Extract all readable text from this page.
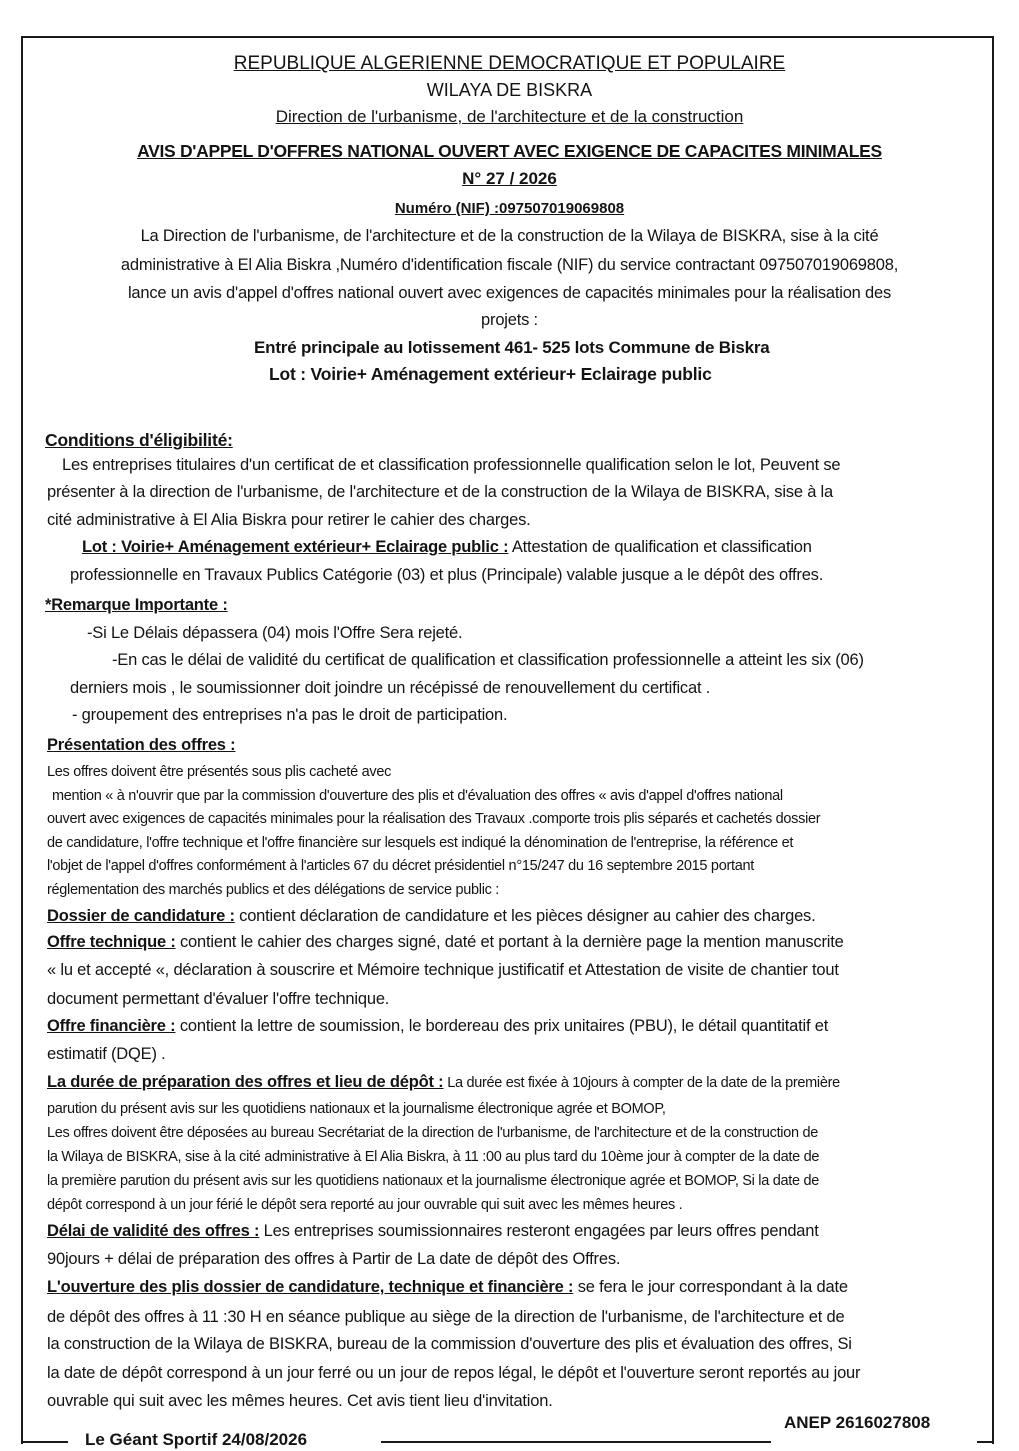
REPUBLIQUE ALGERIENNE DEMOCRATIQUE ET POPULAIRE
WILAYA DE BISKRA
Direction de l'urbanisme, de l'architecture et de la construction
AVIS D'APPEL D'OFFRES NATIONAL OUVERT AVEC EXIGENCE DE CAPACITES MINIMALES
N° 27 / 2026
Numéro (NIF) :097507019069808
La Direction de l'urbanisme, de l'architecture et de la construction de la Wilaya de BISKRA, sise à la cité
administrative à El Alia Biskra ,Numéro d'identification fiscale (NIF) du service contractant 097507019069808,
lance un avis d'appel d'offres national ouvert avec exigences de capacités minimales pour la réalisation des
projets :
Entré principale au lotissement 461- 525 lots Commune de Biskra
Lot : Voirie+ Aménagement extérieur+ Eclairage public
Conditions d'éligibilité:
Les entreprises titulaires d'un certificat de et classification professionnelle qualification selon le lot, Peuvent se
présenter à la direction de l'urbanisme, de l'architecture et de la construction de la Wilaya de BISKRA, sise à la
cité administrative à El Alia Biskra pour retirer le cahier des charges.
Lot : Voirie+ Aménagement extérieur+ Eclairage public : Attestation de qualification et classification
professionnelle en Travaux Publics Catégorie (03) et plus (Principale) valable jusque a le dépôt des offres.
*Remarque Importante :
-Si Le Délais dépassera (04) mois l'Offre Sera rejeté.
-En cas le délai de validité du certificat de qualification et classification professionnelle a atteint les six (06)
derniers mois , le soumissionner doit joindre un récépissé de renouvellement du certificat .
- groupement des entreprises n'a pas le droit de participation.
Présentation des offres :
Les offres doivent être présentés sous plis cacheté avec
mention « à n'ouvrir que par la commission d'ouverture des plis et d'évaluation des offres « avis d'appel d'offres national
ouvert avec exigences de capacités minimales pour la réalisation des Travaux .comporte trois plis séparés et cachetés dossier
de candidature, l'offre technique et l'offre financière sur lesquels est indiqué la dénomination de l'entreprise, la référence et
l'objet de l'appel d'offres conformément à l'articles 67 du décret présidentiel n°15/247 du 16 septembre 2015 portant
réglementation des marchés publics et des délégations de service public :
Dossier de candidature : contient déclaration de candidature et les pièces désigner au cahier des charges.
Offre technique : contient le cahier des charges signé, daté et portant à la dernière page la mention manuscrite
« lu et accepté «, déclaration à souscrire et Mémoire technique justificatif et Attestation de visite de chantier tout
document permettant d'évaluer l'offre technique.
Offre financière : contient la lettre de soumission, le bordereau des prix unitaires (PBU), le détail quantitatif et
estimatif (DQE) .
La durée de préparation des offres et lieu de dépôt : La durée est fixée à 10jours à compter de la date de la première
parution du présent avis sur les quotidiens nationaux et la journalisme électronique agrée et BOMOP,
Les offres doivent être déposées au bureau Secrétariat de la direction de l'urbanisme, de l'architecture et de la construction de
la Wilaya de BISKRA, sise à la cité administrative à El Alia Biskra, à 11 :00 au plus tard du 10ème jour à compter de la date de
la première parution du présent avis sur les quotidiens nationaux et la journalisme électronique agrée et BOMOP, Si la date de
dépôt correspond à un jour férié le dépôt sera reporté au jour ouvrable qui suit avec les mêmes heures .
Délai de validité des offres : Les entreprises soumissionnaires resteront engagées par leurs offres pendant
90jours + délai de préparation des offres à Partir de La date de dépôt des Offres.
L'ouverture des plis dossier de candidature, technique et financière : se fera le jour correspondant à la date
de dépôt des offres à 11 :30 H en séance publique au siège de la direction de l'urbanisme, de l'architecture et de
la construction de la Wilaya de BISKRA, bureau de la commission d'ouverture des plis et évaluation des offres, Si
la date de dépôt correspond à un jour ferré ou un jour de repos légal, le dépôt et l'ouverture seront reportés au jour
ouvrable qui suit avec les mêmes heures. Cet avis tient lieu d'invitation.
Le Géant Sportif 24/08/2026
ANEP 2616027808
